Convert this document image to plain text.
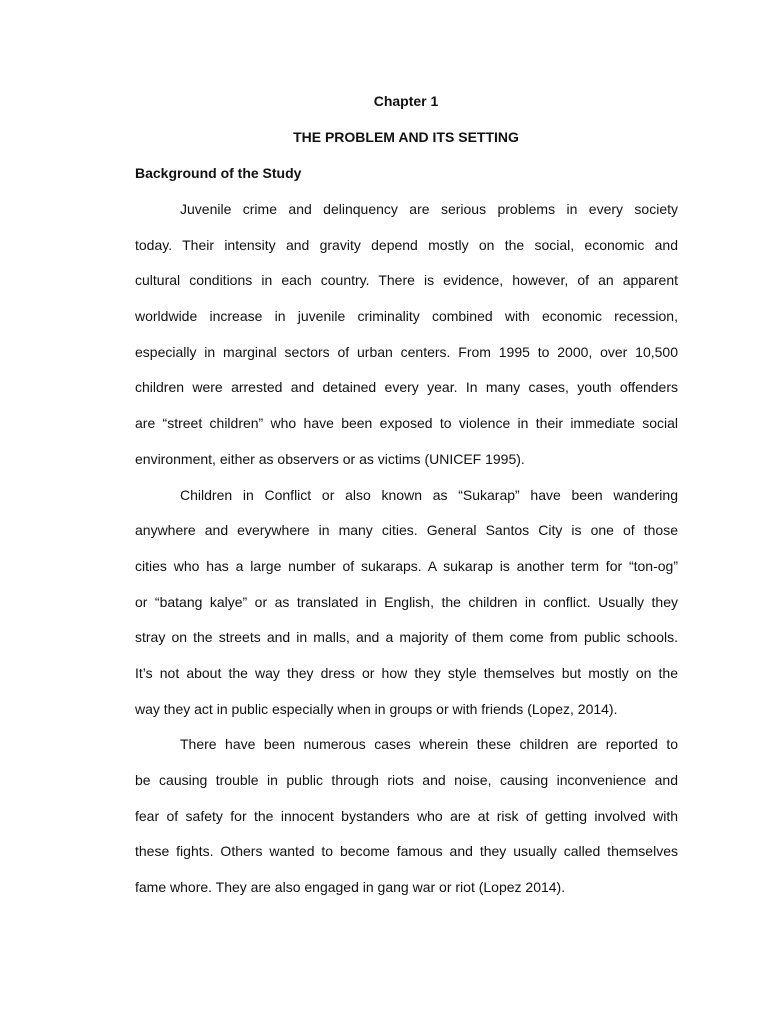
Chapter 1
THE PROBLEM AND ITS SETTING
Background of the Study
Juvenile crime and delinquency are serious problems in every society
today. Their intensity and gravity depend mostly on the social, economic and
cultural conditions in each country. There is evidence, however, of an apparent
worldwide increase in juvenile criminality combined with economic recession,
especially in marginal sectors of urban centers. From 1995 to 2000, over 10,500
children were arrested and detained every year. In many cases, youth offenders
are “street children” who have been exposed to violence in their immediate social
environment, either as observers or as victims (UNICEF 1995).
Children in Conflict or also known as “Sukarap” have been wandering
anywhere and everywhere in many cities. General Santos City is one of those
cities who has a large number of sukaraps. A sukarap is another term for “ton-og”
or “batang kalye” or as translated in English, the children in conflict. Usually they
stray on the streets and in malls, and a majority of them come from public schools.
It’s not about the way they dress or how they style themselves but mostly on the
way they act in public especially when in groups or with friends (Lopez, 2014).
There have been numerous cases wherein these children are reported to
be causing trouble in public through riots and noise, causing inconvenience and
fear of safety for the innocent bystanders who are at risk of getting involved with
these fights. Others wanted to become famous and they usually called themselves
fame whore. They are also engaged in gang war or riot (Lopez 2014).
